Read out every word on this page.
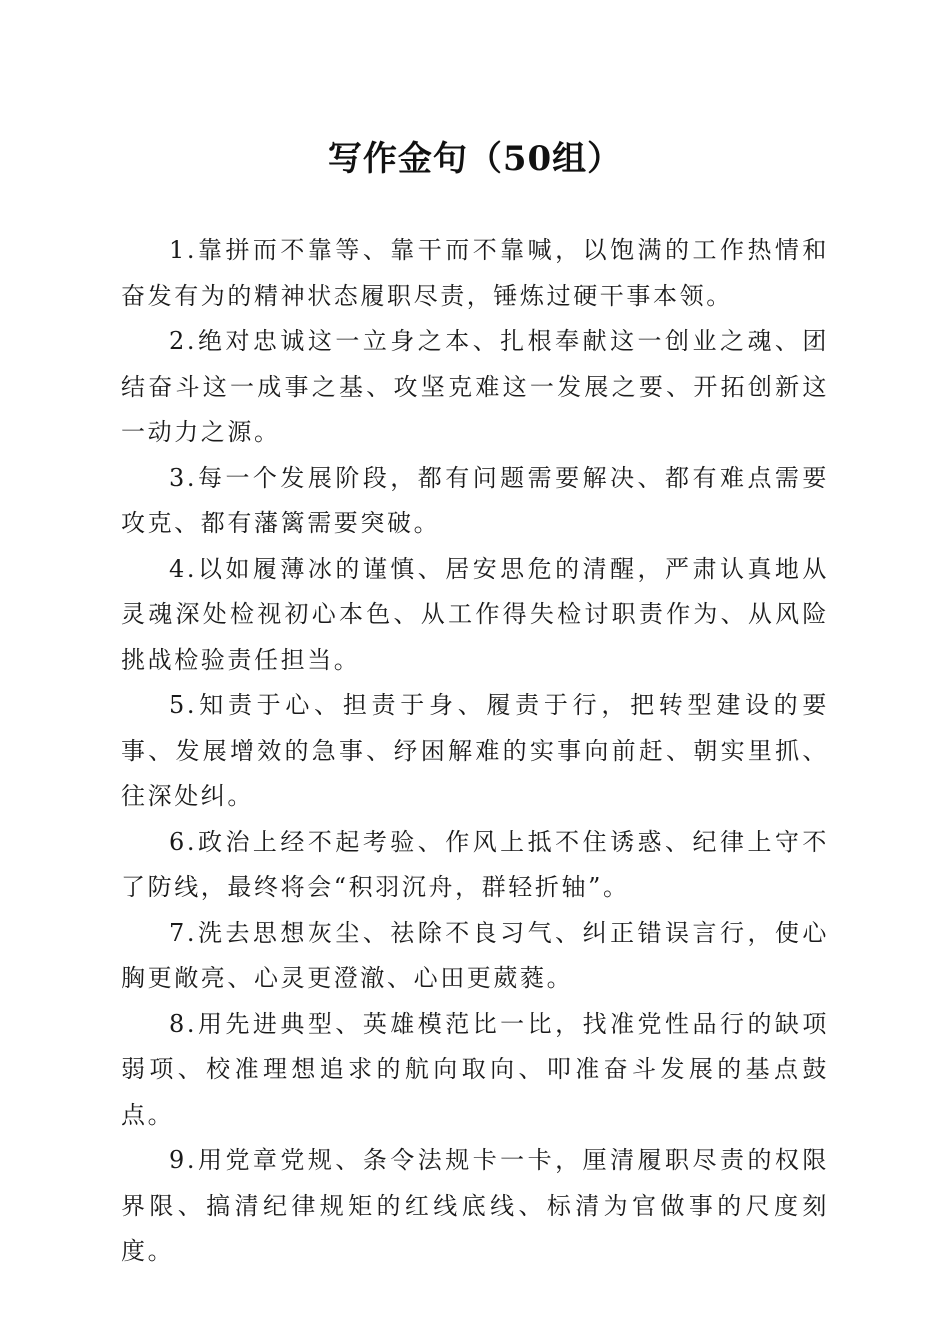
写作金句（50组）

1.靠拼而不靠等、靠干而不靠喊，以饱满的工作热情和奋发有为的精神状态履职尽责，锤炼过硬干事本领。

2.绝对忠诚这一立身之本、扎根奉献这一创业之魂、团结奋斗这一成事之基、攻坚克难这一发展之要、开拓创新这一动力之源。

3.每一个发展阶段，都有问题需要解决、都有难点需要攻克、都有藩篱需要突破。

4.以如履薄冰的谨慎、居安思危的清醒，严肃认真地从灵魂深处检视初心本色、从工作得失检讨职责作为、从风险挑战检验责任担当。

5.知责于心、担责于身、履责于行，把转型建设的要事、发展增效的急事、纾困解难的实事向前赶、朝实里抓、往深处纠。

6.政治上经不起考验、作风上抵不住诱惑、纪律上守不了防线，最终将会“积羽沉舟，群轻折轴”。

7.洗去思想灰尘、祛除不良习气、纠正错误言行，使心胸更敞亮、心灵更澄澈、心田更葳蕤。

8.用先进典型、英雄模范比一比，找准党性品行的缺项弱项、校准理想追求的航向取向、叩准奋斗发展的基点鼓点。

9.用党章党规、条令法规卡一卡，厘清履职尽责的权限界限、搞清纪律规矩的红线底线、标清为官做事的尺度刻度。
